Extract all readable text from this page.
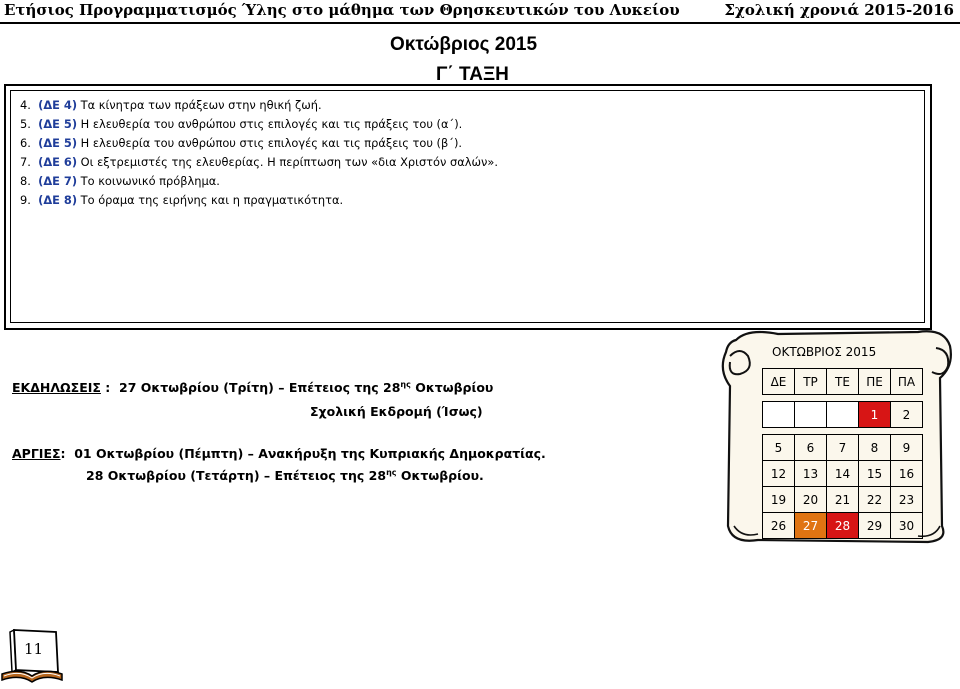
Ετήσιος Προγραμματισμός Ύλης στο μάθημα των Θρησκευτικών του Λυκείου	Σχολική χρονιά 2015-2016
Οκτώβριος 2015
Γ΄ ΤΑΞΗ
4. (ΔΕ 4) Τα κίνητρα των πράξεων στην ηθική ζωή.
5. (ΔΕ 5) Η ελευθερία του ανθρώπου στις επιλογές και τις πράξεις του (α΄).
6. (ΔΕ 5) Η ελευθερία του ανθρώπου στις επιλογές και τις πράξεις του (β΄).
7. (ΔΕ 6) Οι εξτρεμιστές της ελευθερίας. Η περίπτωση των «δια Χριστόν σαλών».
8. (ΔΕ 7) Το κοινωνικό πρόβλημα.
9. (ΔΕ 8) Το όραμα της ειρήνης και η πραγματικότητα.
ΕΚΔΗΛΩΣΕΙΣ :  27 Οκτωβρίου (Τρίτη) – Επέτειος της $28^{\eta\varsigma}$ Οκτωβρίου
Σχολική Εκδρομή (Ίσως)
ΑΡΓΙΕΣ:  01 Οκτωβρίου (Πέμπτη) – Ανακήρυξη της Κυπριακής Δημοκρατίας.
28 Οκτωβρίου (Τετάρτη) – Επέτειος της $28^{\eta\varsigma}$ Οκτωβρίου.
ΟΚΤΩΒΡΙΟΣ 2015
ΔΕ	ΤΡ	ΤΕ	ΠΕ	ΠΑ

			1	2

5	6	7	8	9
12	13	14	15	16
19	20	21	22	23
26	27	28	29	30
11
